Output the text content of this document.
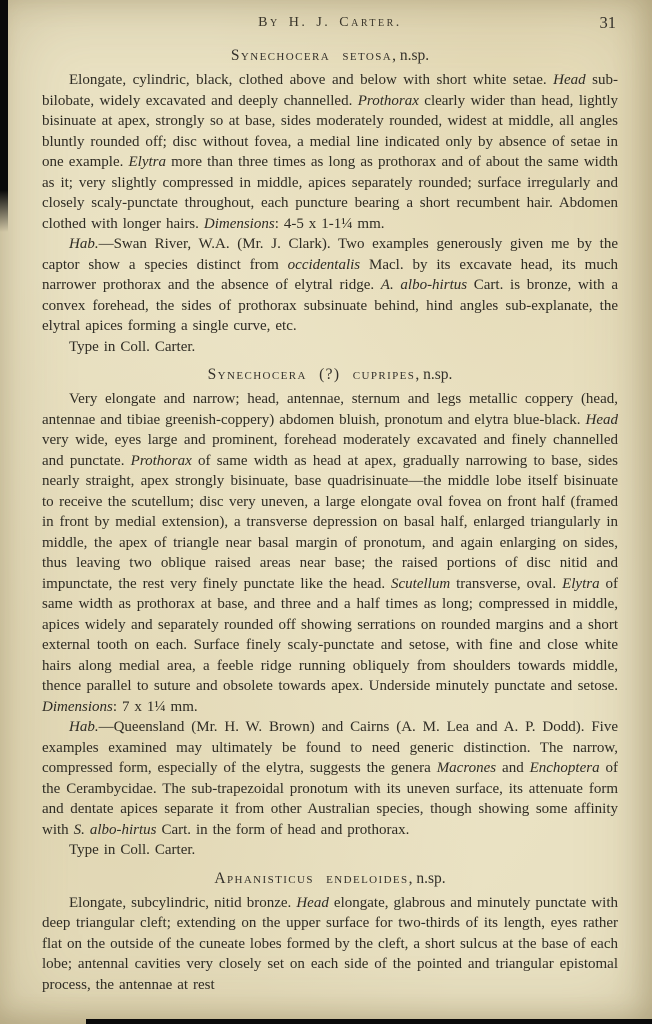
By H. J. Carter.	31
Synechocera setosa, n.sp.

Elongate, cylindric, black, clothed above and below with short white setae. Head sub-bilobate, widely excavated and deeply channelled. Prothorax clearly wider than head, lightly bisinuate at apex, strongly so at base, sides moderately rounded, widest at middle, all angles bluntly rounded off; disc without fovea, a medial line indicated only by absence of setae in one example. Elytra more than three times as long as prothorax and of about the same width as it; very slightly compressed in middle, apices separately rounded; surface irregularly and closely scaly-punctate throughout, each puncture bearing a short recumbent hair. Abdomen clothed with longer hairs. Dimensions: 4-5 x 1-1¼ mm.

Hab.—Swan River, W.A. (Mr. J. Clark). Two examples generously given me by the captor show a species distinct from occidentalis Macl. by its excavate head, its much narrower prothorax and the absence of elytral ridge. A. albo-hirtus Cart. is bronze, with a convex forehead, the sides of prothorax subsinuate behind, hind angles sub-explanate, the elytral apices forming a single curve, etc.

Type in Coll. Carter.

Synechocera (?) cupripes, n.sp.

Very elongate and narrow; head, antennae, sternum and legs metallic coppery (head, antennae and tibiae greenish-coppery) abdomen bluish, pronotum and elytra blue-black. Head very wide, eyes large and prominent, forehead moderately excavated and finely channelled and punctate. Prothorax of same width as head at apex, gradually narrowing to base, sides nearly straight, apex strongly bisinuate, base quadrisinuate—the middle lobe itself bisinuate to receive the scutellum; disc very uneven, a large elongate oval fovea on front half (framed in front by medial extension), a transverse depression on basal half, enlarged triangularly in middle, the apex of triangle near basal margin of pronotum, and again enlarging on sides, thus leaving two oblique raised areas near base; the raised portions of disc nitid and impunctate, the rest very finely punctate like the head. Scutellum transverse, oval. Elytra of same width as prothorax at base, and three and a half times as long; compressed in middle, apices widely and separately rounded off showing serrations on rounded margins and a short external tooth on each. Surface finely scaly-punctate and setose, with fine and close white hairs along medial area, a feeble ridge running obliquely from shoulders towards middle, thence parallel to suture and obsolete towards apex. Underside minutely punctate and setose. Dimensions: 7 x 1¼ mm.

Hab.—Queensland (Mr. H. W. Brown) and Cairns (A. M. Lea and A. P. Dodd). Five examples examined may ultimately be found to need generic distinction. The narrow, compressed form, especially of the elytra, suggests the genera Macrones and Enchoptera of the Cerambycidae. The sub-trapezoidal pronotum with its uneven surface, its attenuate form and dentate apices separate it from other Australian species, though showing some affinity with S. albo-hirtus Cart. in the form of head and prothorax.

Type in Coll. Carter.

Aphanisticus endeloides, n.sp.

Elongate, subcylindric, nitid bronze. Head elongate, glabrous and minutely punctate with deep triangular cleft; extending on the upper surface for two-thirds of its length, eyes rather flat on the outside of the cuneate lobes formed by the cleft, a short sulcus at the base of each lobe; antennal cavities very closely set on each side of the pointed and triangular epistomal process, the antennae at rest
